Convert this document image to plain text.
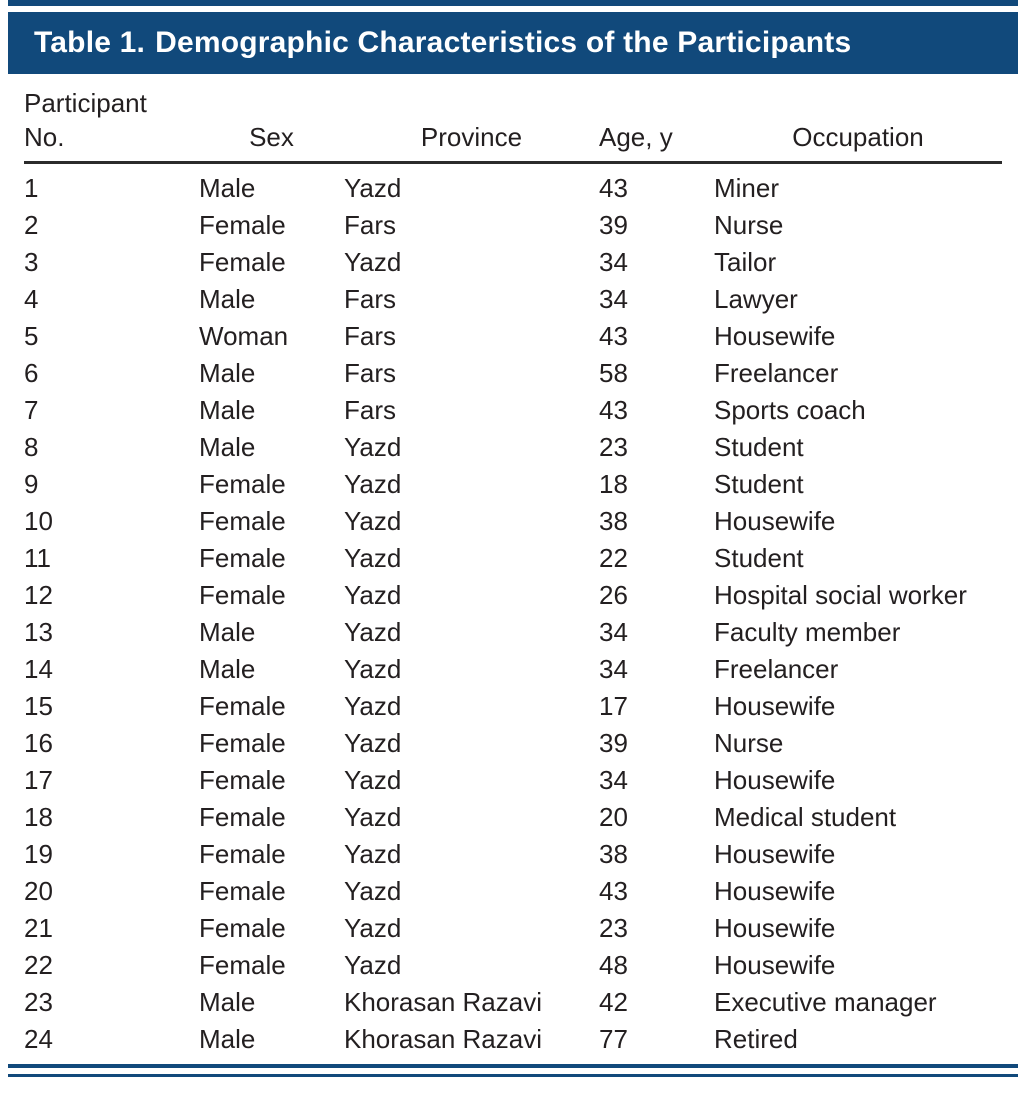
Table 1. Demographic Characteristics of the Participants
Participant
No.	Sex	Province	Age, y	Occupation
1	Male	Yazd	43	Miner
2	Female	Fars	39	Nurse
3	Female	Yazd	34	Tailor
4	Male	Fars	34	Lawyer
5	Woman	Fars	43	Housewife
6	Male	Fars	58	Freelancer
7	Male	Fars	43	Sports coach
8	Male	Yazd	23	Student
9	Female	Yazd	18	Student
10	Female	Yazd	38	Housewife
11	Female	Yazd	22	Student
12	Female	Yazd	26	Hospital social worker
13	Male	Yazd	34	Faculty member
14	Male	Yazd	34	Freelancer
15	Female	Yazd	17	Housewife
16	Female	Yazd	39	Nurse
17	Female	Yazd	34	Housewife
18	Female	Yazd	20	Medical student
19	Female	Yazd	38	Housewife
20	Female	Yazd	43	Housewife
21	Female	Yazd	23	Housewife
22	Female	Yazd	48	Housewife
23	Male	Khorasan Razavi	42	Executive manager
24	Male	Khorasan Razavi	77	Retired
